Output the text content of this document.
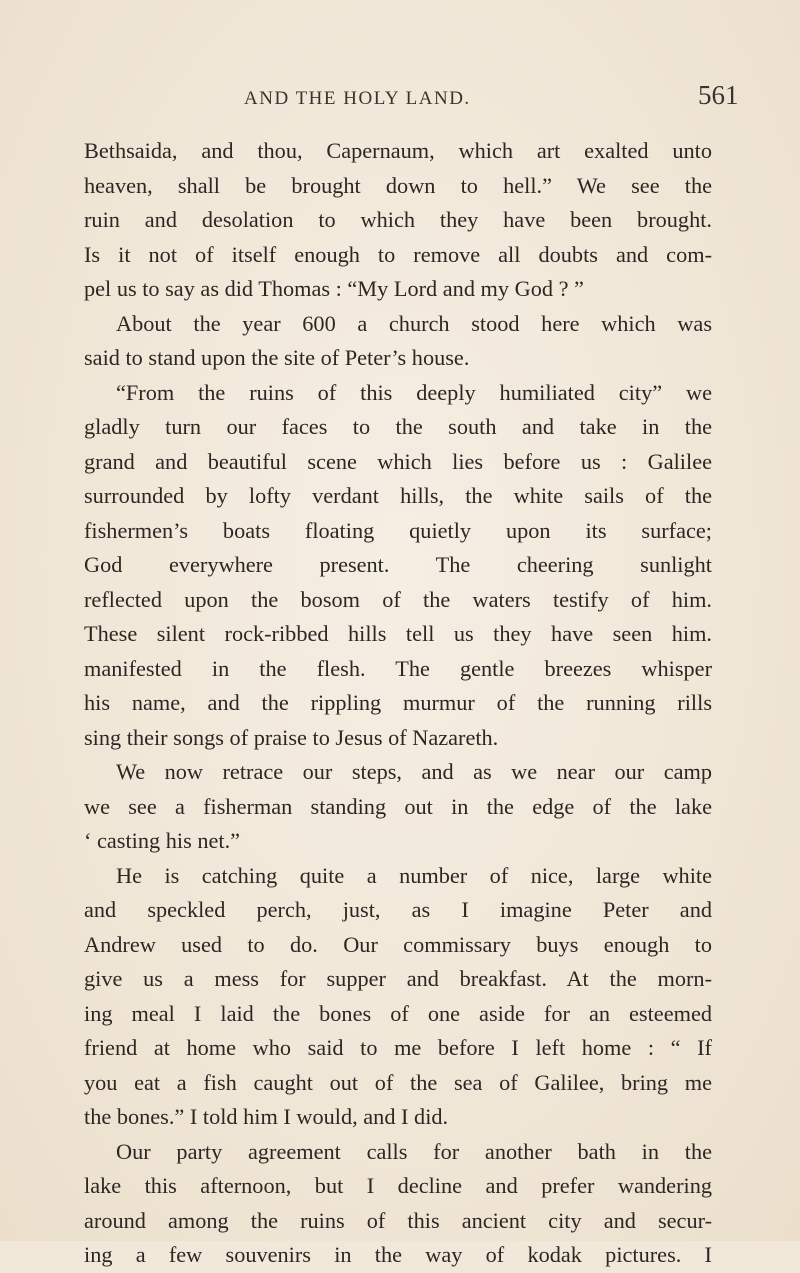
AND THE HOLY LAND.	561
Bethsaida, and thou, Capernaum, which art exalted unto
heaven, shall be brought down to hell.” We see the
ruin and desolation to which they have been brought.
Is it not of itself enough to remove all doubts and com-
pel us to say as did Thomas : “My Lord and my God ? ”
About the year 600 a church stood here which was
said to stand upon the site of Peter’s house.
“From the ruins of this deeply humiliated city” we
gladly turn our faces to the south and take in the
grand and beautiful scene which lies before us : Galilee
surrounded by lofty verdant hills, the white sails of the
fishermen’s boats floating quietly upon its surface;
God everywhere present. The cheering sunlight
reflected upon the bosom of the waters testify of him.
These silent rock-ribbed hills tell us they have seen him.
manifested in the flesh. The gentle breezes whisper
his name, and the rippling murmur of the running rills
sing their songs of praise to Jesus of Nazareth.
We now retrace our steps, and as we near our camp
we see a fisherman standing out in the edge of the lake
‘ casting his net.”
He is catching quite a number of nice, large white
and speckled perch, just, as I imagine Peter and
Andrew used to do. Our commissary buys enough to
give us a mess for supper and breakfast. At the morn-
ing meal I laid the bones of one aside for an esteemed
friend at home who said to me before I left home : “ If
you eat a fish caught out of the sea of Galilee, bring me
the bones.” I told him I would, and I did.
Our party agreement calls for another bath in the
lake this afternoon, but I decline and prefer wandering
around among the ruins of this ancient city and secur-
ing a few souvenirs in the way of kodak pictures. I
